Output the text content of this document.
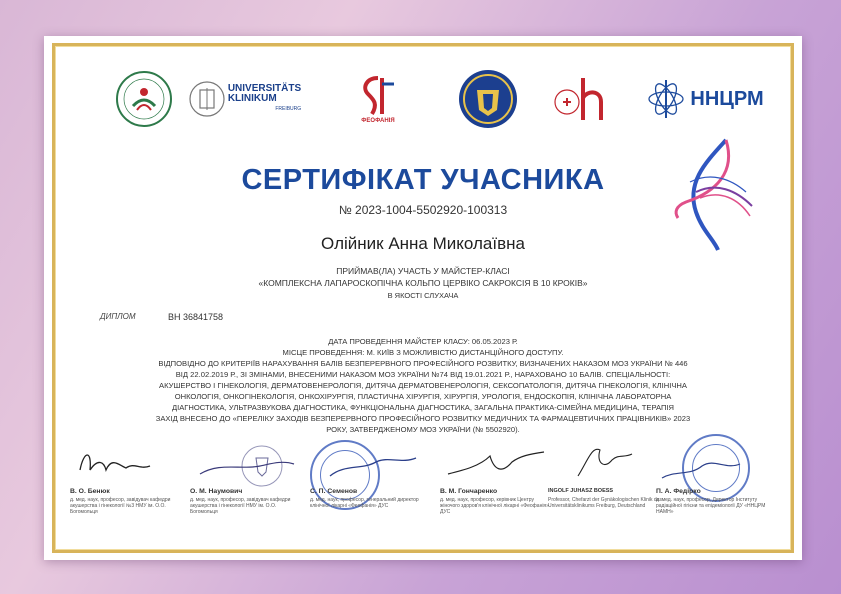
UNIVERSITÄTS
KLINIKUM
FREIBURG
ФЕОФАНІЯ
ННЦРМ
СЕРТИФІКАТ УЧАСНИКА
№ 2023-1004-5502920-100313
Олійник Анна Миколаївна
ПРИЙМАВ(ЛА) УЧАСТЬ У МАЙСТЕР-КЛАСІ
«КОМПЛЕКСНА ЛАПАРОСКОПІЧНА КОЛЬПО ЦЕРВІКО САКРОКСІЯ В 10 КРОКІВ»
В ЯКОСТІ СЛУХАЧА
ДИПЛОМ	ВН 36841758
ДАТА ПРОВЕДЕННЯ МАЙСТЕР КЛАСУ: 06.05.2023 Р.
МІСЦЕ ПРОВЕДЕННЯ: М. КИЇВ З МОЖЛИВІСТЮ ДИСТАНЦІЙНОГО ДОСТУПУ.
ВІДПОВІДНО ДО КРИТЕРІЇВ НАРАХУВАННЯ БАЛІВ БЕЗПЕРЕРВНОГО ПРОФЕСІЙНОГО РОЗВИТКУ, ВИЗНАЧЕНИХ НАКАЗОМ МОЗ УКРАЇНИ № 446
ВІД 22.02.2019 Р., ЗІ ЗМІНАМИ, ВНЕСЕНИМИ НАКАЗОМ МОЗ УКРАЇНИ №74 ВІД 19.01.2021 Р., НАРАХОВАНО 10 БАЛІВ. СПЕЦІАЛЬНОСТІ:
АКУШЕРСТВО І ГІНЕКОЛОГІЯ, ДЕРМАТОВЕНЕРОЛОГІЯ, ДИТЯЧА ДЕРМАТОВЕНЕРОЛОГІЯ, СЕКСОПАТОЛОГІЯ, ДИТЯЧА ГІНЕКОЛОГІЯ, КЛІНІЧНА
ОНКОЛОГІЯ, ОНКОГІНЕКОЛОГІЯ, ОНКОХІРУРГІЯ, ПЛАСТИЧНА ХІРУРГІЯ, ХІРУРГІЯ, УРОЛОГІЯ, ЕНДОСКОПІЯ, КЛІНІЧНА ЛАБОРАТОРНА
ДІАГНОСТИКА, УЛЬТРАЗВУКОВА ДІАГНОСТИКА, ФУНКЦІОНАЛЬНА ДІАГНОСТИКА, ЗАГАЛЬНА ПРАКТИКА-СІМЕЙНА МЕДИЦИНА, ТЕРАПІЯ
ЗАХІД ВНЕСЕНО ДО «ПЕРЕЛІКУ ЗАХОДІВ БЕЗПЕРЕРВНОГО ПРОФЕСІЙНОГО РОЗВИТКУ МЕДИЧНИХ ТА ФАРМАЦЕВТИЧНИХ ПРАЦІВНИКІВ» 2023
РОКУ, ЗАТВЕРДЖЕНОМУ МОЗ УКРАЇНИ (№ 5502920).
В. О. Бенюк
д. мед. наук, професор, завідувач кафедри акушерства і гінекології №3 НМУ ім. О.О. Богомольця
О. М. Наумович
д. мед. наук, професор, завідувач кафедри акушерства і гінекології НМУ ім. О.О. Богомольця
С. П. Семенов
д. мед. наук, професор, генеральний директор клінічної лікарні «Феофанія» ДУС
В. М. Гончаренко
д. мед. наук, професор, керівник Центру жіночого здоров'я клінічної лікарні «Феофанія» ДУС
INGOLF JUHASZ BOESS
Professor, Chefarzt der Gynäkologischen Klinik des Universitätsklinikums Freiburg, Deutschland
П. А. Федірко
д. мед. наук, професор, Директор Інституту радіаційної гігієни та епідеміології ДУ «ННЦРМ НАМН»
